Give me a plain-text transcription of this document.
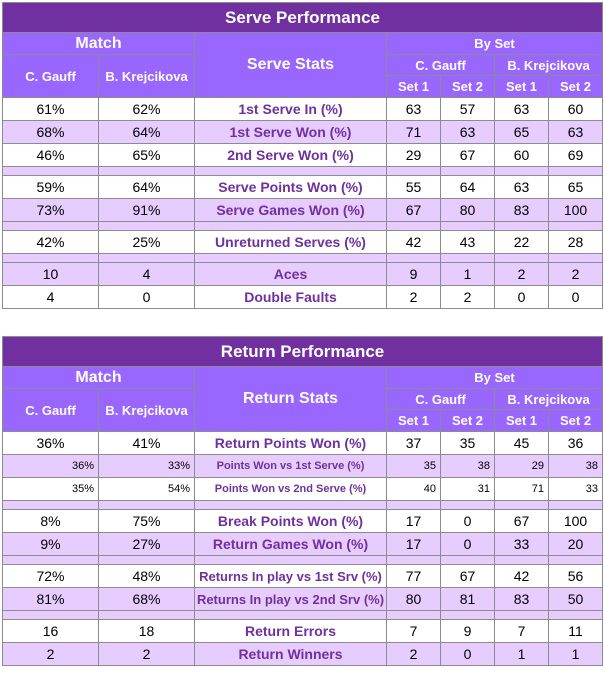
Serve Performance						
Match		Serve Stats	By Set			
C. Gauff	B. Krejcikova		C. Gauff		B. Krejcikova	
			Set 1	Set 2	Set 1	Set 2
61%	62%	1st Serve In (%)	63	57	63	60
68%	64%	1st Serve Won (%)	71	63	65	63
46%	65%	2nd Serve Won (%)	29	67	60	69

59%	64%	Serve Points Won (%)	55	64	63	65
73%	91%	Serve Games Won (%)	67	80	83	100

42%	25%	Unreturned Serves (%)	42	43	22	28

10	4	Aces	9	1	2	2
4	0	Double Faults	2	2	0	0
Return Performance						
Match		Return Stats	By Set			
C. Gauff	B. Krejcikova		C. Gauff		B. Krejcikova	
			Set 1	Set 2	Set 1	Set 2
36%	41%	Return Points Won (%)	37	35	45	36
36%	33%	Points Won vs 1st Serve (%)	35	38	29	38
35%	54%	Points Won vs 2nd Serve (%)	40	31	71	33

8%	75%	Break Points Won (%)	17	0	67	100
9%	27%	Return Games Won (%)	17	0	33	20

72%	48%	Returns In play vs 1st Srv (%)	77	67	42	56
81%	68%	Returns In play vs 2nd Srv (%)	80	81	83	50

16	18	Return Errors	7	9	7	11
2	2	Return Winners	2	0	1	1
